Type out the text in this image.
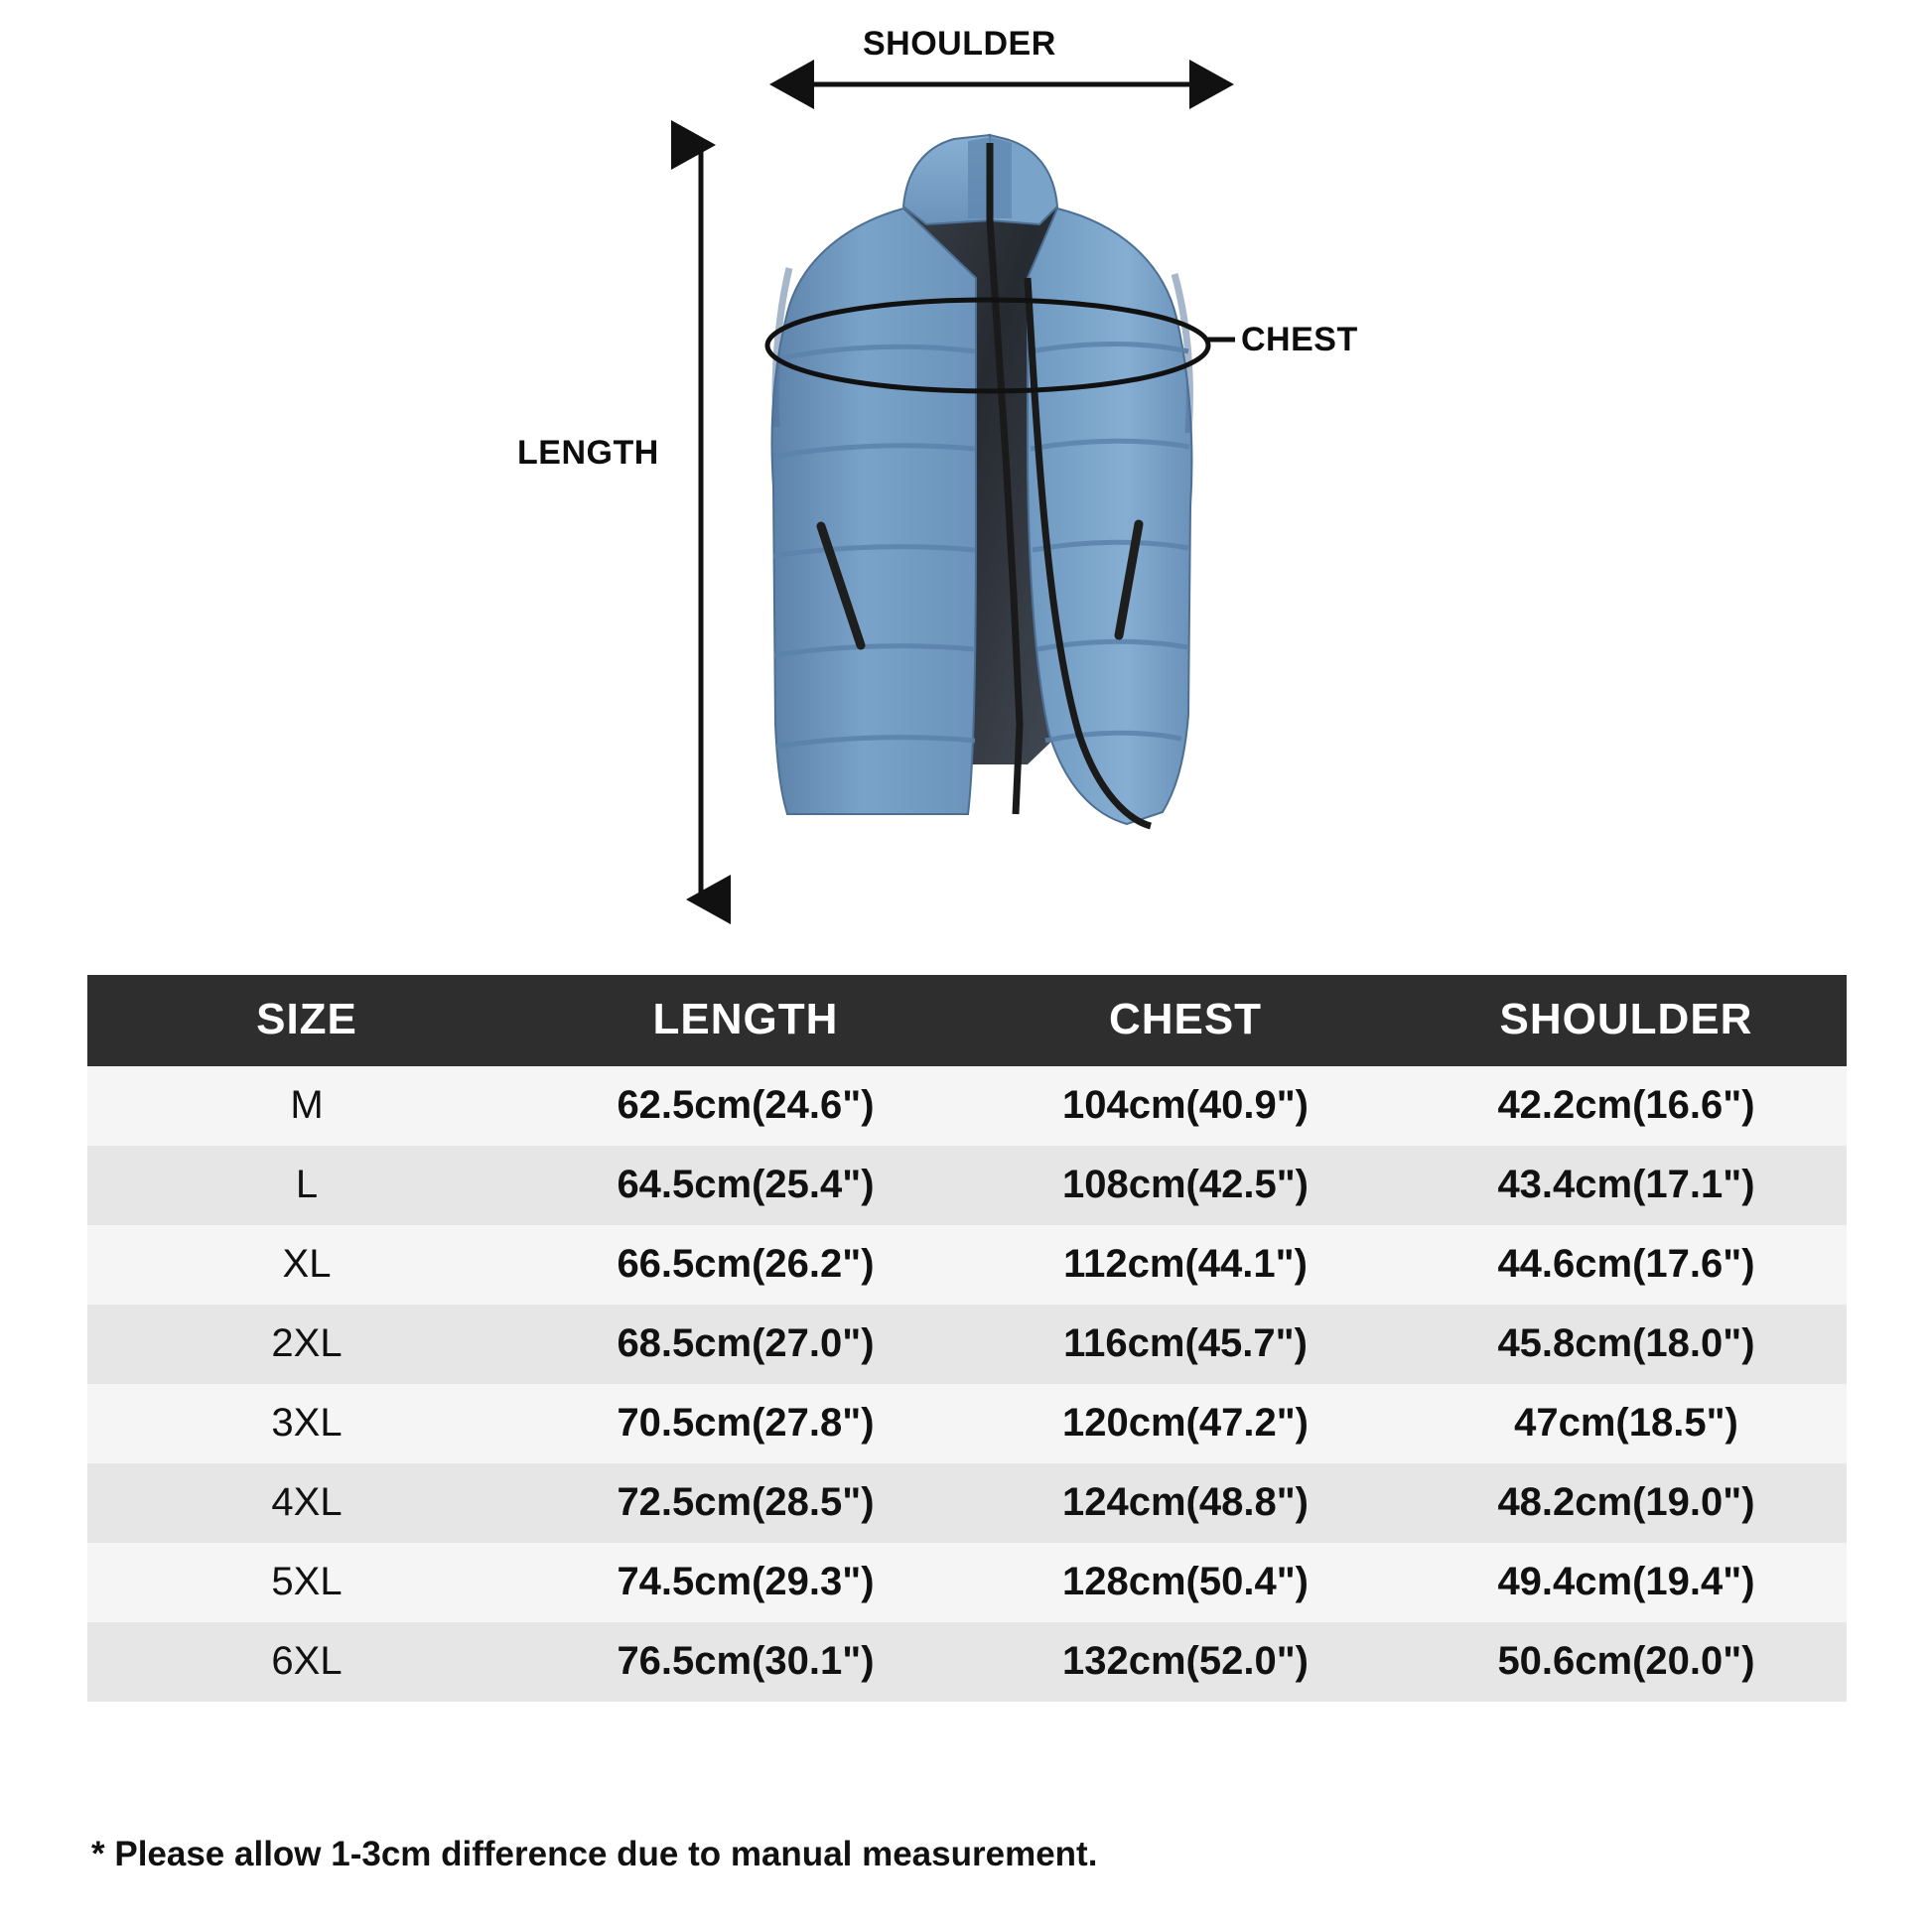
SHOULDER
CHEST
LENGTH
SIZE	LENGTH	CHEST	SHOULDER
M	62.5cm(24.6")	104cm(40.9")	42.2cm(16.6")
L	64.5cm(25.4")	108cm(42.5")	43.4cm(17.1")
XL	66.5cm(26.2")	112cm(44.1")	44.6cm(17.6")
2XL	68.5cm(27.0")	116cm(45.7")	45.8cm(18.0")
3XL	70.5cm(27.8")	120cm(47.2")	47cm(18.5")
4XL	72.5cm(28.5")	124cm(48.8")	48.2cm(19.0")
5XL	74.5cm(29.3")	128cm(50.4")	49.4cm(19.4")
6XL	76.5cm(30.1")	132cm(52.0")	50.6cm(20.0")
* Please allow 1-3cm difference due to manual measurement.
